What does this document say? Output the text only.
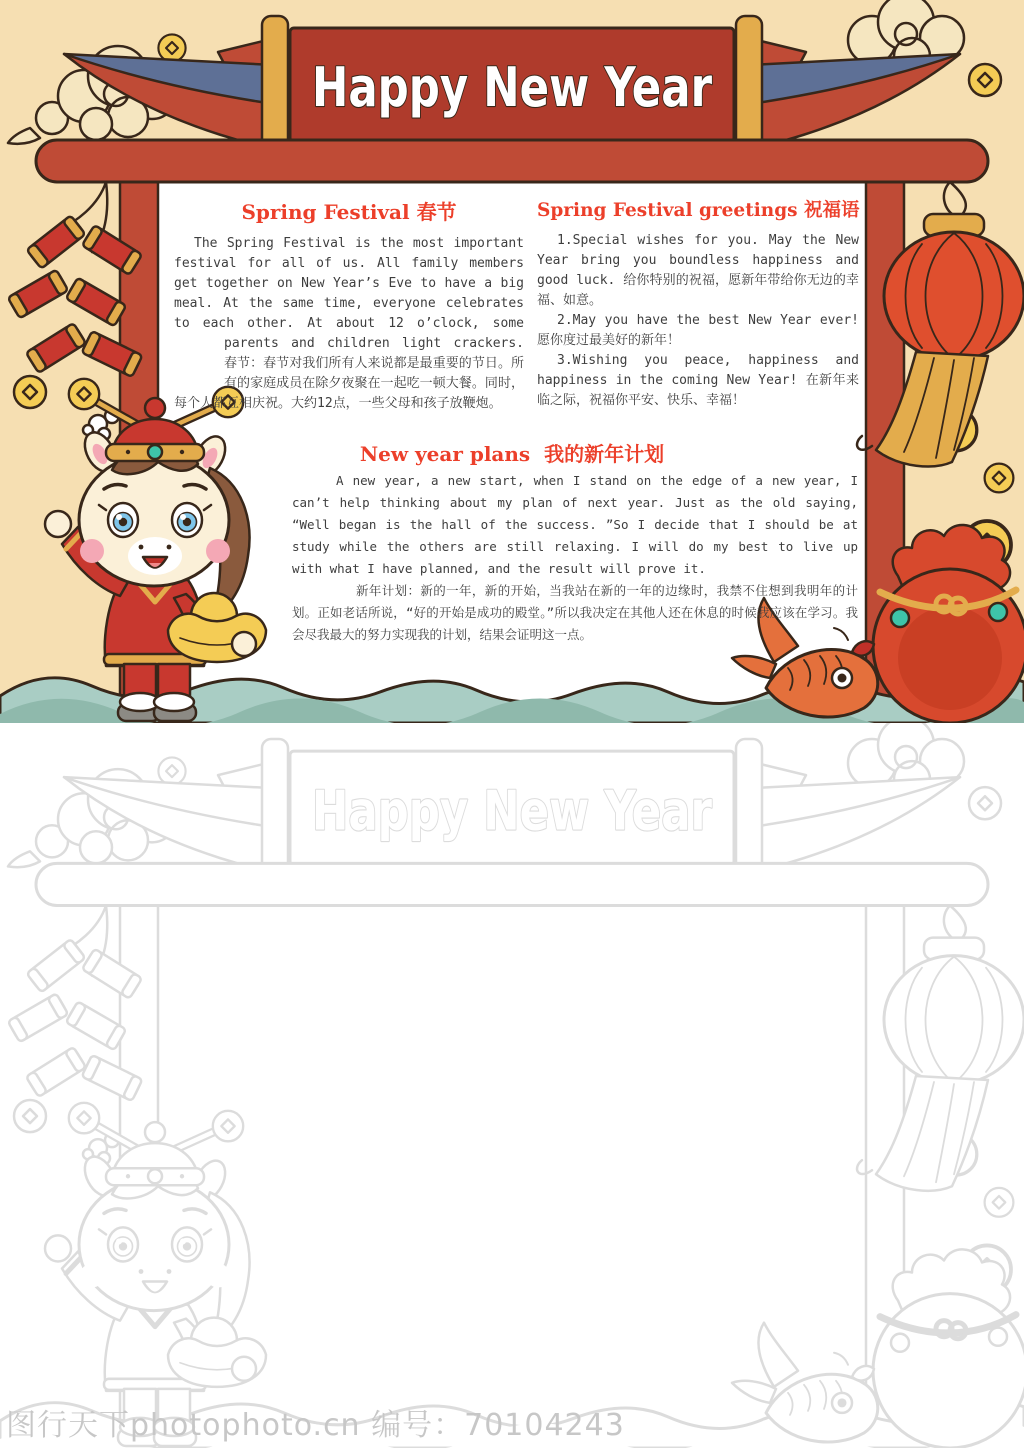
Spring Festival 春节

The Spring Festival is the most important festival for all of us. All family members get together on New Year’s Eve to have a big meal. At the same time, everyone celebrates to each other. At about 12 o’clock, some parents and children light crackers.
春节：春节对我们所有人来说都是最重要的节日。所有的家庭成员在除夕夜聚在一起吃一顿大餐。同时，每个人都互相庆祝。大约12点，一些父母和孩子放鞭炮。

Spring Festival greetings 祝福语

1.Special wishes for you. May the New Year bring you boundless happiness and good luck. 给你特别的祝福，愿新年带给你无边的幸福、如意。

2.May you have the best New Year ever! 愿你度过最美好的新年！

3.Wishing you peace, happiness and happiness in the coming New Year! 在新年来临之际，祝福你平安、快乐、幸福！

New year plans 我的新年计划

A new year, a new start, when I stand on the edge of a new year, I can’t help thinking about my plan of next year. Just as the old saying, “Well began is the hall of the success. ”So I decide that I should be at study while the others are still relaxing. I will do my best to live up with what I have planned, and the result will prove it.

新年计划：新的一年，新的开始，当我站在新的一年的边缘时，我禁不住想到我明年的计划。正如老话所说，“好的开始是成功的殿堂。”所以我决定在其他人还在休息的时候我应该在学习。我会尽我最大的努力实现我的计划，结果会证明这一点。

图行天下photophoto.cn 编号：70104243
